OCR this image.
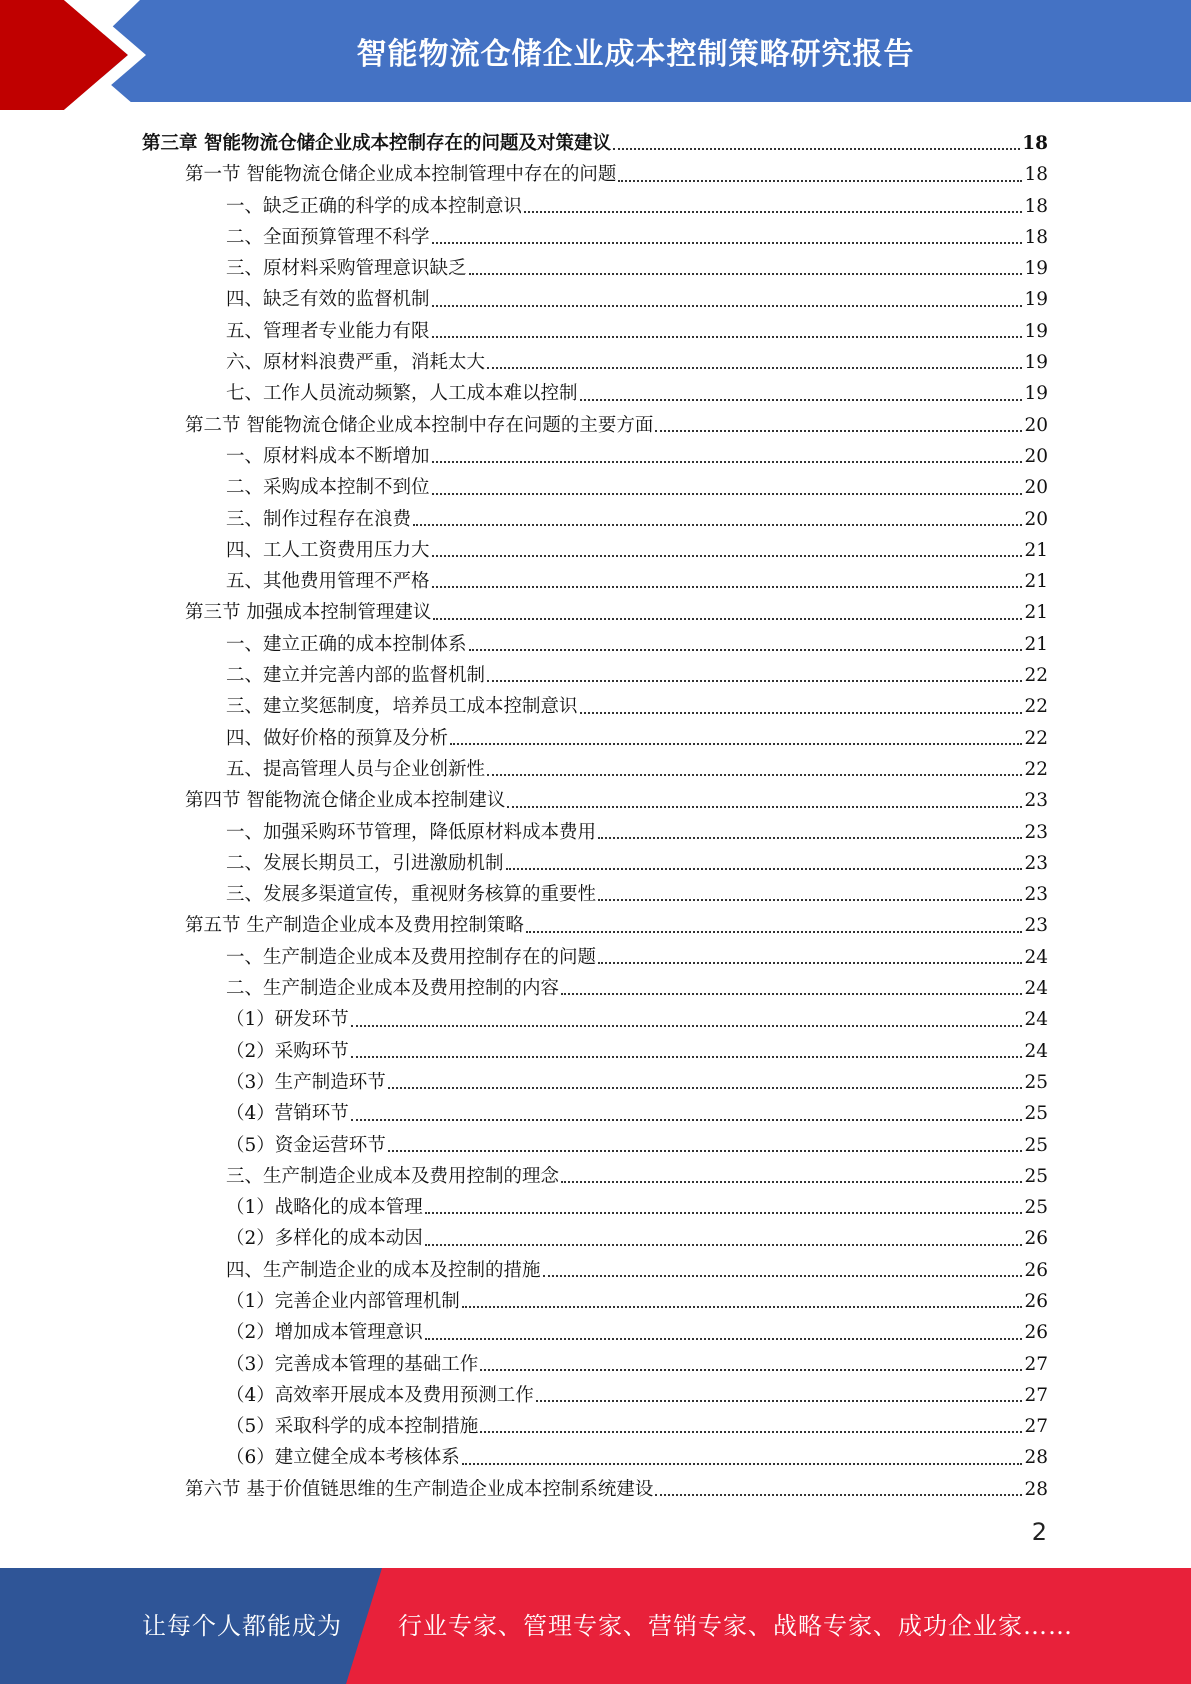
智能物流仓储企业成本控制策略研究报告
第三章 智能物流仓储企业成本控制存在的问题及对策建议	18
第一节 智能物流仓储企业成本控制管理中存在的问题	18
一、缺乏正确的科学的成本控制意识	18
二、全面预算管理不科学	18
三、原材料采购管理意识缺乏	19
四、缺乏有效的监督机制	19
五、管理者专业能力有限	19
六、原材料浪费严重，消耗太大	19
七、工作人员流动频繁，人工成本难以控制	19
第二节 智能物流仓储企业成本控制中存在问题的主要方面	20
一、原材料成本不断增加	20
二、采购成本控制不到位	20
三、制作过程存在浪费	20
四、工人工资费用压力大	21
五、其他费用管理不严格	21
第三节 加强成本控制管理建议	21
一、建立正确的成本控制体系	21
二、建立并完善内部的监督机制	22
三、建立奖惩制度，培养员工成本控制意识	22
四、做好价格的预算及分析	22
五、提高管理人员与企业创新性	22
第四节 智能物流仓储企业成本控制建议	23
一、加强采购环节管理，降低原材料成本费用	23
二、发展长期员工，引进激励机制	23
三、发展多渠道宣传，重视财务核算的重要性	23
第五节 生产制造企业成本及费用控制策略	23
一、生产制造企业成本及费用控制存在的问题	24
二、生产制造企业成本及费用控制的内容	24
（1）研发环节	24
（2）采购环节	24
（3）生产制造环节	25
（4）营销环节	25
（5）资金运营环节	25
三、生产制造企业成本及费用控制的理念	25
（1）战略化的成本管理	25
（2）多样化的成本动因	26
四、生产制造企业的成本及控制的措施	26
（1）完善企业内部管理机制	26
（2）增加成本管理意识	26
（3）完善成本管理的基础工作	27
（4）高效率开展成本及费用预测工作	27
（5）采取科学的成本控制措施	27
（6）建立健全成本考核体系	28
第六节 基于价值链思维的生产制造企业成本控制系统建设	28
2
让每个人都能成为 行业专家、管理专家、营销专家、战略专家、成功企业家……
